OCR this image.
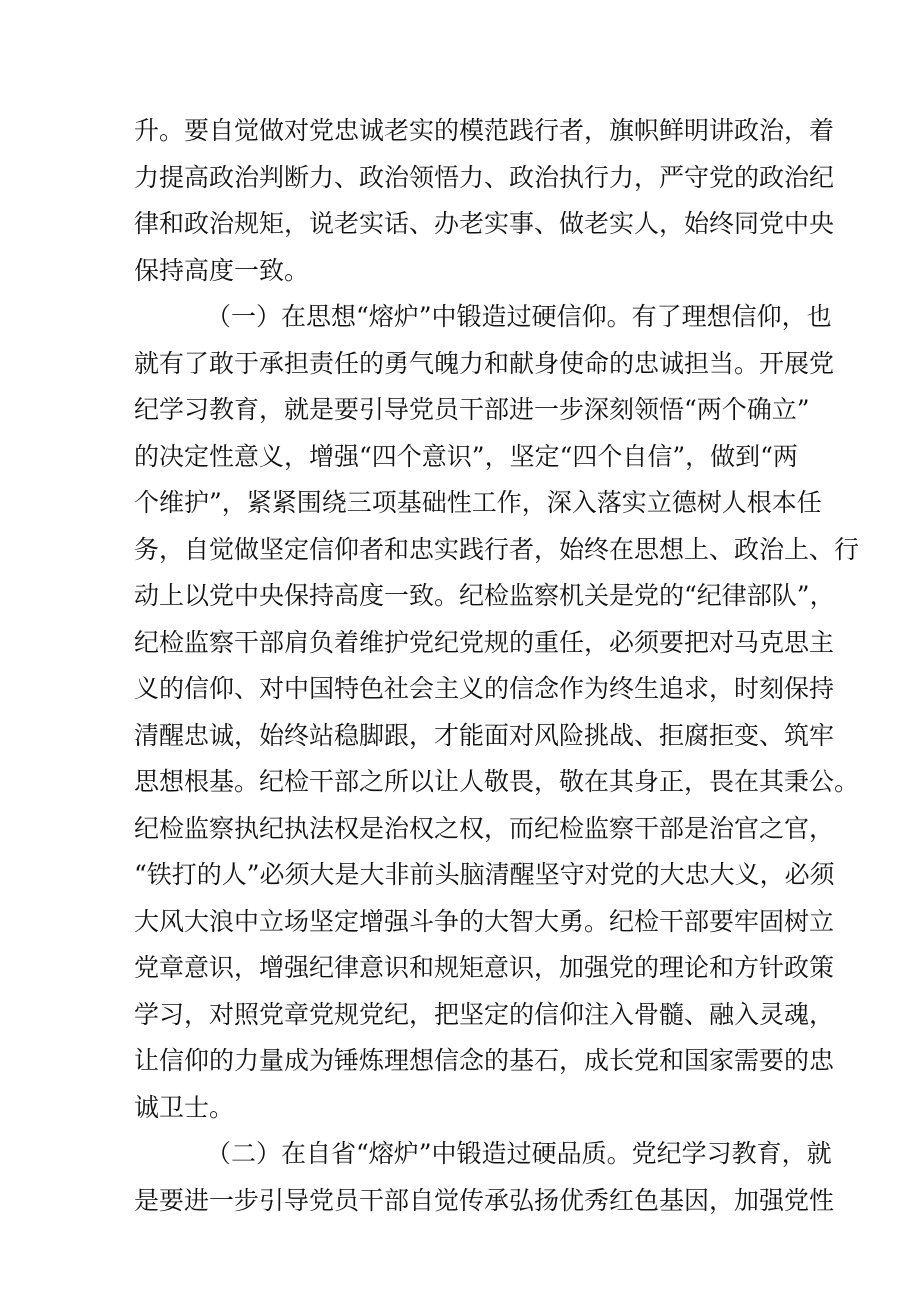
升。要自觉做对党忠诚老实的模范践行者，旗帜鲜明讲政治，着
力提高政治判断力、政治领悟力、政治执行力，严守党的政治纪
律和政治规矩，说老实话、办老实事、做老实人，始终同党中央
保持高度一致。
（一）在思想“熔炉”中锻造过硬信仰。有了理想信仰，也
就有了敢于承担责任的勇气魄力和献身使命的忠诚担当。开展党
纪学习教育，就是要引导党员干部进一步深刻领悟“两个确立”
的决定性意义，增强“四个意识”，坚定“四个自信”，做到“两
个维护”，紧紧围绕三项基础性工作，深入落实立德树人根本任
务，自觉做坚定信仰者和忠实践行者，始终在思想上、政治上、行
动上以党中央保持高度一致。纪检监察机关是党的“纪律部队”，
纪检监察干部肩负着维护党纪党规的重任，必须要把对马克思主
义的信仰、对中国特色社会主义的信念作为终生追求，时刻保持
清醒忠诚，始终站稳脚跟，才能面对风险挑战、拒腐拒变、筑牢
思想根基。纪检干部之所以让人敬畏，敬在其身正，畏在其秉公。
纪检监察执纪执法权是治权之权，而纪检监察干部是治官之官，
“铁打的人”必须大是大非前头脑清醒坚守对党的大忠大义，必须
大风大浪中立场坚定增强斗争的大智大勇。纪检干部要牢固树立
党章意识，增强纪律意识和规矩意识，加强党的理论和方针政策
学习，对照党章党规党纪，把坚定的信仰注入骨髓、融入灵魂，
让信仰的力量成为锤炼理想信念的基石，成长党和国家需要的忠
诚卫士。
（二）在自省“熔炉”中锻造过硬品质。党纪学习教育，就
是要进一步引导党员干部自觉传承弘扬优秀红色基因，加强党性
